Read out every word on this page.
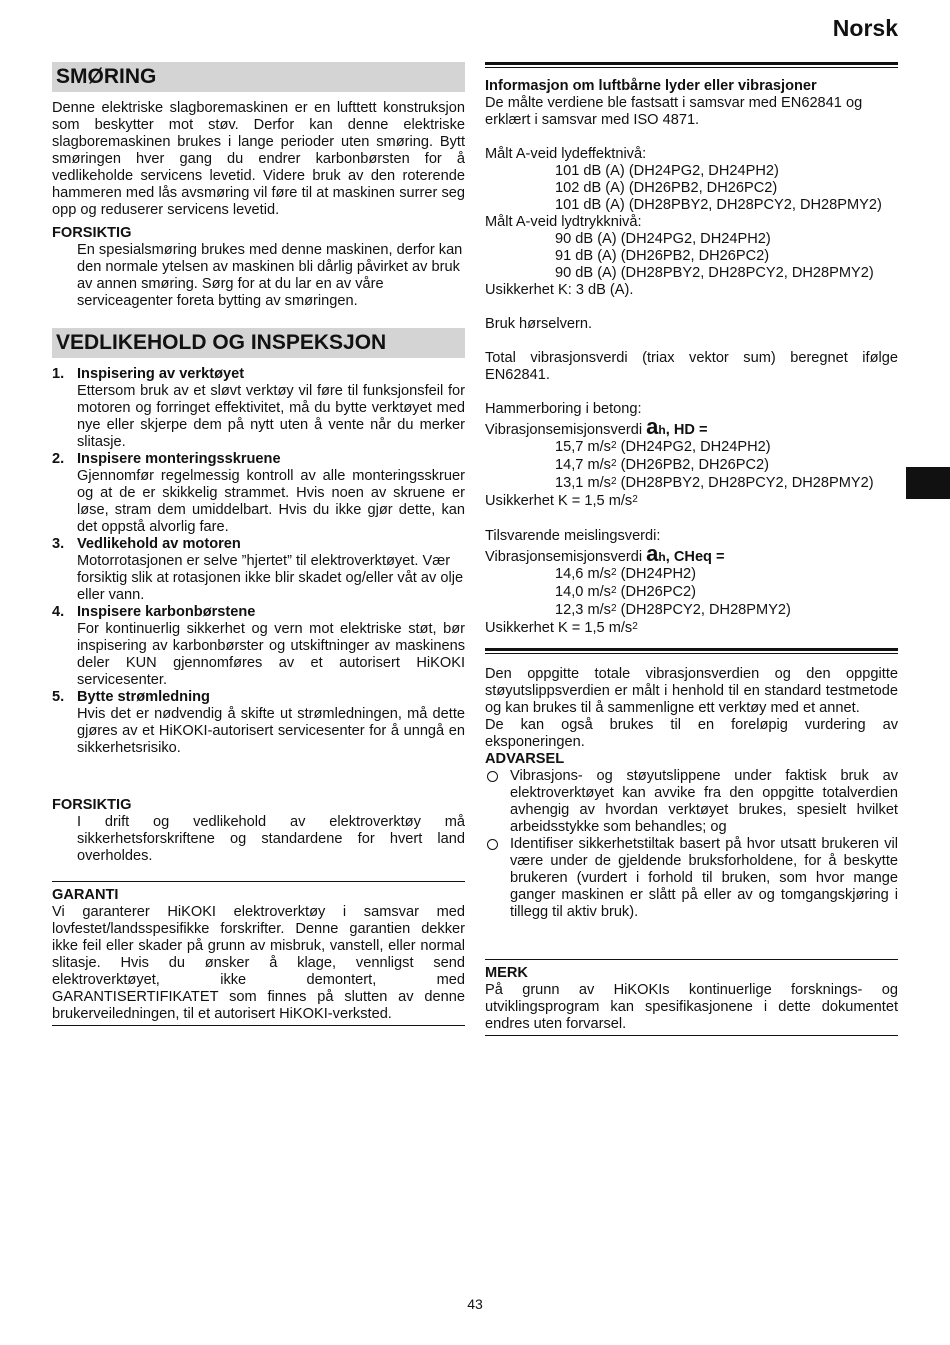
Norsk
SMØRING

Denne elektriske slagboremaskinen er en lufttett konstruksjon som beskytter mot støv. Derfor kan denne elektriske slagboremaskinen brukes i lange perioder uten smøring. Bytt smøringen hver gang du endrer karbonbørsten for å vedlikeholde servicens levetid. Videre bruk av den roterende hammeren med lås avsmøring vil føre til at maskinen surrer seg opp og reduserer servicens levetid.

FORSIKTIG

En spesialsmøring brukes med denne maskinen, derfor kan den normale ytelsen av maskinen bli dårlig påvirket av bruk av annen smøring. Sørg for at du lar en av våre serviceagenter foreta bytting av smøringen.

VEDLIKEHOLD OG INSPEKSJON
1. Inspisering av verktøyet
Ettersom bruk av et sløvt verktøy vil føre til funksjonsfeil for motoren og forringet effektivitet, må du bytte verktøyet med nye eller skjerpe dem på nytt uten å vente når du merker slitasje.
2. Inspisere monteringsskruene
Gjennomfør regelmessig kontroll av alle monteringsskruer og at de er skikkelig strammet. Hvis noen av skruene er løse, stram dem umiddelbart. Hvis du ikke gjør dette, kan det oppstå alvorlig fare.
3. Vedlikehold av motoren
Motorrotasjonen er selve ”hjertet” til elektroverktøyet. Vær forsiktig slik at rotasjonen ikke blir skadet og/eller våt av olje eller vann.
4. Inspisere karbonbørstene
For kontinuerlig sikkerhet og vern mot elektriske støt, bør inspisering av karbonbørster og utskiftninger av maskinens deler KUN gjennomføres av et autorisert HiKOKI servicesenter.
5. Bytte strømledning
Hvis det er nødvendig å skifte ut strømledningen, må dette gjøres av et HiKOKI-autorisert servicesenter for å unngå en sikkerhetsrisiko.
FORSIKTIG

I drift og vedlikehold av elektroverktøy må sikkerhetsforskriftene og standardene for hvert land overholdes.

GARANTI

Vi garanterer HiKOKI elektroverktøy i samsvar med lovfestet/landsspesifikke forskrifter. Denne garantien dekker ikke feil eller skader på grunn av misbruk, vanstell, eller normal slitasje. Hvis du ønsker å klage, vennligst send elektroverktøyet, ikke demontert, med GARANTISERTIFIKATET som finnes på slutten av denne brukerveiledningen, til et autorisert HiKOKI-verksted.

Informasjon om luftbårne lyder eller vibrasjoner

De målte verdiene ble fastsatt i samsvar med EN62841 og erklært i samsvar med ISO 4871.

Målt A-veid lydeffektnivå:

101 dB (A) (DH24PG2, DH24PH2)

102 dB (A) (DH26PB2, DH26PC2)

101 dB (A) (DH28PBY2, DH28PCY2, DH28PMY2)

Målt A-veid lydtrykknivå:

90 dB (A) (DH24PG2, DH24PH2)

91 dB (A) (DH26PB2, DH26PC2)

90 dB (A) (DH28PBY2, DH28PCY2, DH28PMY2)

Usikkerhet K: 3 dB (A).

Bruk hørselvern.

Total vibrasjonsverdi (triax vektor sum) beregnet ifølge EN62841.

Hammerboring i betong:

Vibrasjonsemisjonsverdi ah, HD =

15,7 $m/s^2$ (DH24PG2, DH24PH2)

14,7 $m/s^2$ (DH26PB2, DH26PC2)

13,1 $m/s^2$ (DH28PBY2, DH28PCY2, DH28PMY2)

Usikkerhet K = 1,5 $m/s^2$

Tilsvarende meislingsverdi:

Vibrasjonsemisjonsverdi ah, CHeq =

14,6 $m/s^2$ (DH24PH2)

14,0 $m/s^2$ (DH26PC2)

12,3 $m/s^2$ (DH28PCY2, DH28PMY2)

Usikkerhet K = 1,5 $m/s^2$

Den oppgitte totale vibrasjonsverdien og den oppgitte støyutslippsverdien er målt i henhold til en standard testmetode og kan brukes til å sammenligne ett verktøy med et annet.

De kan også brukes til en foreløpig vurdering av eksponeringen.

ADVARSEL
Vibrasjons- og støyutslippene under faktisk bruk av elektroverktøyet kan avvike fra den oppgitte totalverdien avhengig av hvordan verktøyet brukes, spesielt hvilket arbeidsstykke som behandles; og
Identifiser sikkerhetstiltak basert på hvor utsatt brukeren vil være under de gjeldende bruksforholdene, for å beskytte brukeren (vurdert i forhold til bruken, som hvor mange ganger maskinen er slått på eller av og tomgangskjøring i tillegg til aktiv bruk).
MERK

På grunn av HiKOKIs kontinuerlige forsknings- og utviklingsprogram kan spesifikasjonene i dette dokumentet endres uten forvarsel.

43
